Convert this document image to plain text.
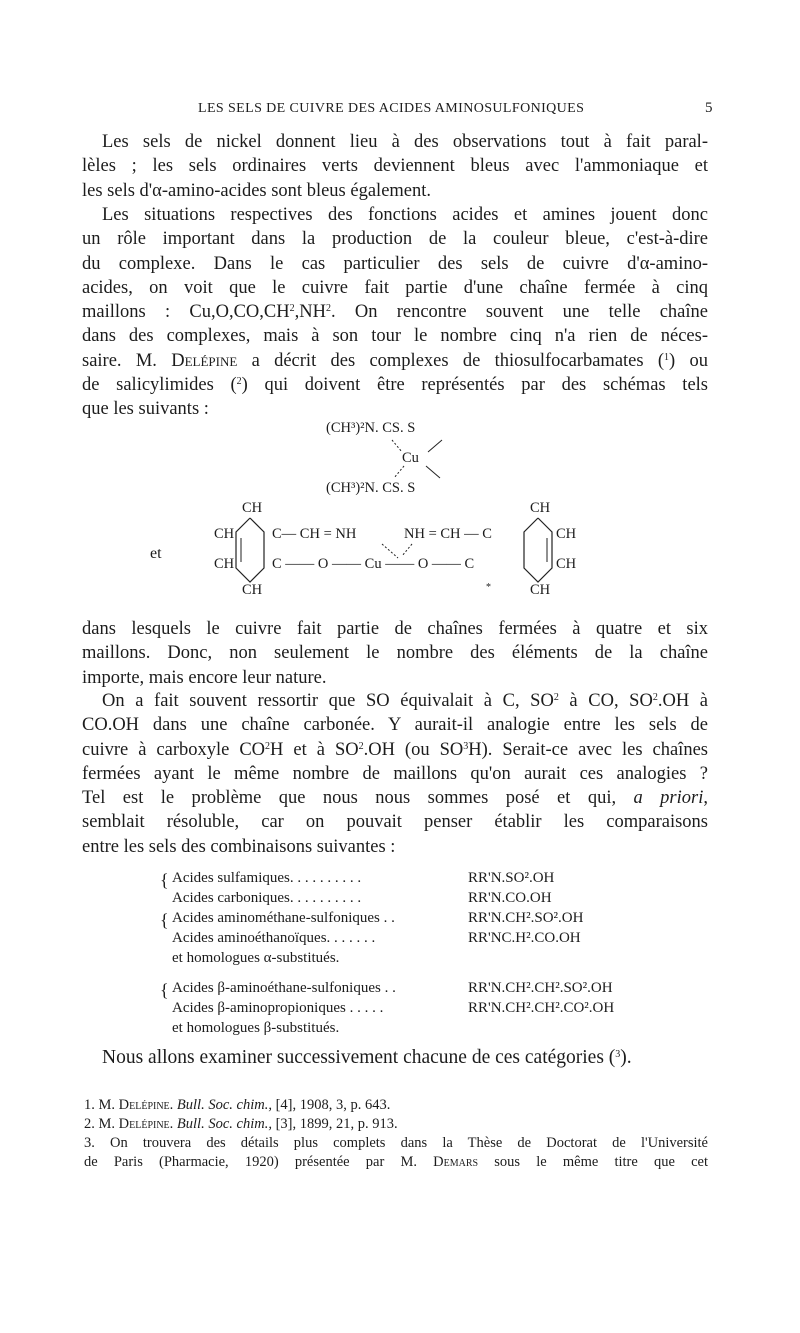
LES SELS DE CUIVRE DES ACIDES AMINOSULFONIQUES	5
Les sels de nickel donnent lieu à des observations tout à fait paral-
lèles ; les sels ordinaires verts deviennent bleus avec l'ammoniaque et
les sels d'α-amino-acides sont bleus également.
Les situations respectives des fonctions acides et amines jouent donc
un rôle important dans la production de la couleur bleue, c'est-à-dire
du complexe. Dans le cas particulier des sels de cuivre d'α-amino-
acides, on voit que le cuivre fait partie d'une chaîne fermée à cinq
maillons : $Cu,O,CO,CH^2,NH^2$. On rencontre souvent une telle chaîne
dans des complexes, mais à son tour le nombre cinq n'a rien de néces-
saire. M. Delépine a décrit des complexes de thiosulfocarbamates ($^1$) ou
de salicylimides ($^2$) qui doivent être représentés par des schémas tels
que les suivants :
(CH³)²N. CS. S
Cu
(CH³)²N. CS. S
et
CH
CH
CH
CH
C— CH = NH	NH = CH — C
C —— O —— Cu —— O —— C
CH
CH
CH
CH
*
dans lesquels le cuivre fait partie de chaînes fermées à quatre et six
maillons. Donc, non seulement le nombre des éléments de la chaîne
importe, mais encore leur nature.
On a fait souvent ressortir que SO équivalait à C, $SO^2$ à CO, $SO^2.OH$ à
CO.OH dans une chaîne carbonée. Y aurait-il analogie entre les sels de
cuivre à carboxyle $CO^2H$ et à $SO^2.OH$ (ou $SO^3H$). Serait-ce avec les chaînes
fermées ayant le même nombre de maillons qu'on aurait ces analogies ?
Tel est le problème que nous nous sommes posé et qui, a priori,
semblait résoluble, car on pouvait penser établir les comparaisons
entre les sels des combinaisons suivantes :
{ Acides sulfamiques. . . . . . . . . .	RR'N.SO².OH
Acides carboniques. . . . . . . . . .	RR'N.CO.OH
{ Acides aminométhane-sulfoniques . .	RR'N.CH².SO².OH
Acides aminoéthanoïques. . . . . . .	RR'NC.H².CO.OH
et homologues α-substitués.
{ Acides β-aminoéthane-sulfoniques . .	RR'N.CH².CH².SO².OH
Acides β-aminopropioniques . . . . .	RR'N.CH².CH².CO².OH
et homologues β-substitués.
Nous allons examiner successivement chacune de ces catégories ($^3$).
1. M. Delépine. Bull. Soc. chim., [4], 1908, 3, p. 643.
2. M. Delépine. Bull. Soc. chim., [3], 1899, 21, p. 913.
3. On trouvera des détails plus complets dans la Thèse de Doctorat de l'Université
de Paris (Pharmacie, 1920) présentée par M. Demars sous le même titre que cet
